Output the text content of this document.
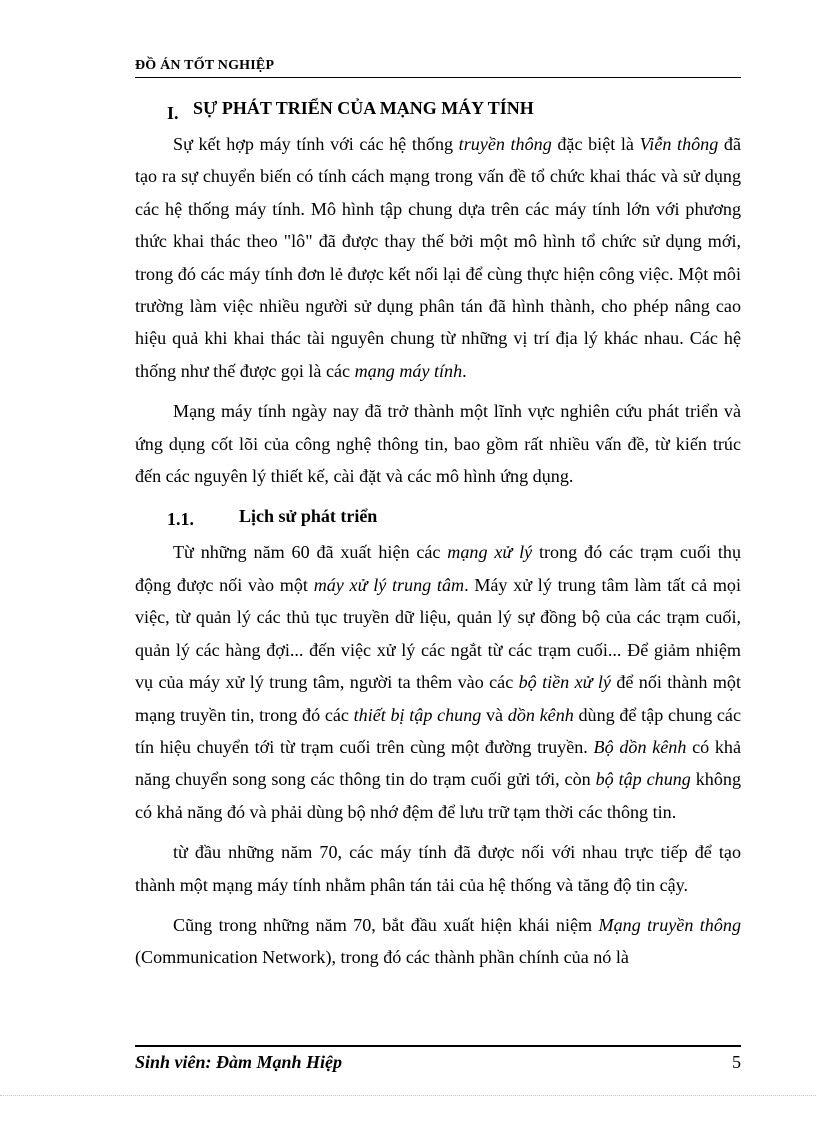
ĐỒ ÁN TỐT NGHIỆP
I. SỰ PHÁT TRIỂN CỦA MẠNG MÁY TÍNH

Sự kết hợp máy tính với các hệ thống truyền thông đặc biệt là Viễn thông đã tạo ra sự chuyển biến có tính cách mạng trong vấn đề tổ chức khai thác và sử dụng các hệ thống máy tính. Mô hình tập chung dựa trên các máy tính lớn với phương thức khai thác theo "lô" đã được thay thế bởi một mô hình tổ chức sử dụng mới, trong đó các máy tính đơn lẻ được kết nối lại để cùng thực hiện công việc. Một môi trường làm việc nhiều người sử dụng phân tán đã hình thành, cho phép nâng cao hiệu quả khi khai thác tài nguyên chung từ những vị trí địa lý khác nhau. Các hệ thống như thế được gọi là các mạng máy tính.

Mạng máy tính ngày nay đã trở thành một lĩnh vực nghiên cứu phát triển và ứng dụng cốt lõi của công nghệ thông tin, bao gồm rất nhiều vấn đề, từ kiến trúc đến các nguyên lý thiết kế, cài đặt và các mô hình ứng dụng.

1.1.	Lịch sử phát triển

Từ những năm 60 đã xuất hiện các mạng xử lý trong đó các trạm cuối thụ động được nối vào một máy xử lý trung tâm. Máy xử lý trung tâm làm tất cả mọi việc, từ quản lý các thủ tục truyền dữ liệu, quản lý sự đồng bộ của các trạm cuối, quản lý các hàng đợi... đến việc xử lý các ngắt từ các trạm cuối... Để giảm nhiệm vụ của máy xử lý trung tâm, người ta thêm vào các bộ tiền xử lý để nối thành một mạng truyền tin, trong đó các thiết bị tập chung và dồn kênh dùng để tập chung các tín hiệu chuyển tới từ trạm cuối trên cùng một đường truyền. Bộ dồn kênh có khả năng chuyển song song các thông tin do trạm cuối gửi tới, còn bộ tập chung không có khả năng đó và phải dùng bộ nhớ đệm để lưu trữ tạm thời các thông tin.

từ đầu những năm 70, các máy tính đã được nối với nhau trực tiếp để tạo thành một mạng máy tính nhằm phân tán tải của hệ thống và tăng độ tin cậy.

Cũng trong những năm 70, bắt đầu xuất hiện khái niệm Mạng truyền thông (Communication Network), trong đó các thành phần chính của nó là

Sinh viên: Đàm Mạnh Hiệp	5
